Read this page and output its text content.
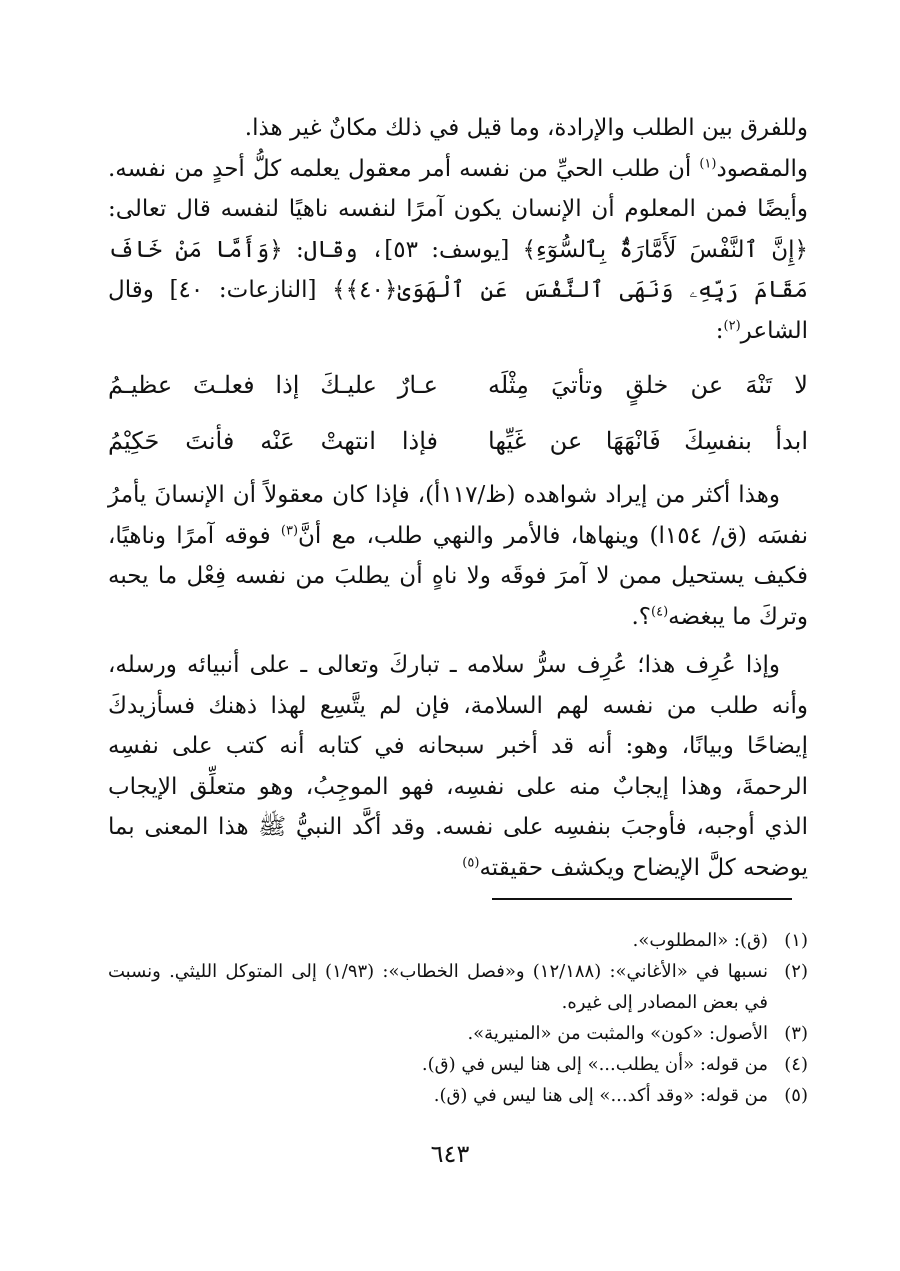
وللفرق بين الطلب والإرادة، وما قيل في ذلك مكانٌ غير هذا.
والمقصود$^{(١)}$ أن طلب الحيِّ من نفسه أمر معقول يعلمه كلُّ أحدٍ من نفسه. وأيضًا فمن المعلوم أن الإنسان يكون آمرًا لنفسه ناهيًا لنفسه قال تعالى: ﴿إِنَّ ٱلنَّفْسَ لَأَمَّارَةٌۢ بِٱلسُّوٓءِ﴾ [يوسف: ٥٣]، وقال: ﴿وَأَمَّا مَنْ خَافَ مَقَامَ رَبِّهِۦ وَنَهَى ٱلنَّفْسَ عَنِ ٱلْهَوَىٰ﴿٤٠﴾﴾ [النازعات: ٤٠] وقال الشاعر$^{(٢)}$:

لا تَنْهَ عن خلقٍ وتأتيَ مِثْلَه
عـارٌ عليـكَ إذا فعلـتَ عظيـمُ
ابدأ بنفسِكَ فَانْهَهَا عن غَيِّها
فإذا انتهتْ عَنْه فأنتَ حَكِيْمُ

وهذا أكثر من إيراد شواهده (ظ/١١٧أ)، فإذا كان معقولاً أن الإنسانَ يأمرُ نفسَه (ق/ ١٥٤ا) وينهاها، فالأمر والنهي طلب، مع أنَّ$^{(٣)}$ فوقه آمرًا وناهيًا، فكيف يستحيل ممن لا آمرَ فوقَه ولا ناهٍ أن يطلبَ من نفسه فِعْل ما يحبه وتركَ ما يبغضه$^{(٤)}$؟.

وإذا عُرِف هذا؛ عُرِف سرُّ سلامه ـ تباركَ وتعالى ـ على أنبيائه ورسله، وأنه طلب من نفسه لهم السلامة، فإن لم يتَّسِع لهذا ذهنك فسأزيدكَ إيضاحًا وبيانًا، وهو: أنه قد أخبر سبحانه في كتابه أنه كتب على نفسِه الرحمةَ، وهذا إيجابٌ منه على نفسِه، فهو الموجِبُ، وهو متعلِّق الإيجاب الذي أوجبه، فأوجبَ بنفسِه على نفسه. وقد أكَّد النبيُّ ﷺ هذا المعنى بما يوضحه كلَّ الإيضاح ويكشف حقيقته$^{(٥)}$

(١)
(ق): «المطلوب».
(٢)
نسبها في «الأغاني»: (١٢/١٨٨) و«فصل الخطاب»: (١/٩٣) إلى المتوكل الليثي. ونسبت في بعض المصادر إلى غيره.
(٣)
الأصول: «كون» والمثبت من «المنيرية».
(٤)
من قوله: «أن يطلب...» إلى هنا ليس في (ق).
(٥)
من قوله: «وقد أكد...» إلى هنا ليس في (ق).
٦٤٣
